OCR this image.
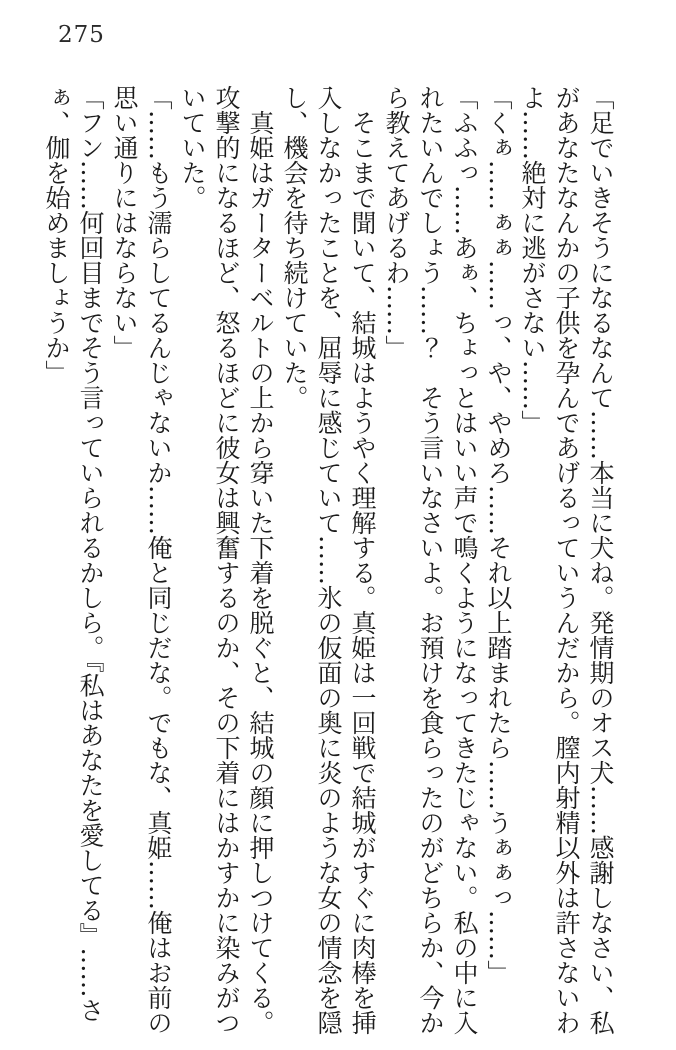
275

「足でいきそうになるなんて……本当に犬ね。発情期のオス犬……感謝しなさい、私

があなたなんかの子供を孕んであげるっていうんだから。膣内射精以外は許さないわ

よ……絶対に逃がさない……」

「くぁ……ぁぁ……っ、や、やめろ……それ以上踏まれたら……うぁぁっ……」

「ふふっ……あぁ、ちょっとはいい声で鳴くようになってきたじゃない。私の中に入

れたいんでしょう……？　そう言いなさいよ。お預けを食らったのがどちらか、今か

ら教えてあげるわ……」

　そこまで聞いて、結城はようやく理解する。真姫は一回戦で結城がすぐに肉棒を挿

入しなかったことを、屈辱に感じていて……氷の仮面の奥に炎のような女の情念を隠

し、機会を待ち続けていた。

　真姫はガーターベルトの上から穿いた下着を脱ぐと、結城の顔に押しつけてくる。

攻撃的になるほど、怒るほどに彼女は興奮するのか、その下着にはかすかに染みがつ

いていた。

「……もう濡らしてるんじゃないか……俺と同じだな。でもな、真姫……俺はお前の

思い通りにはならない」

「フン……何回目までそう言っていられるかしら。『私はあなたを愛してる』……さ

ぁ、伽を始めましょうか」
